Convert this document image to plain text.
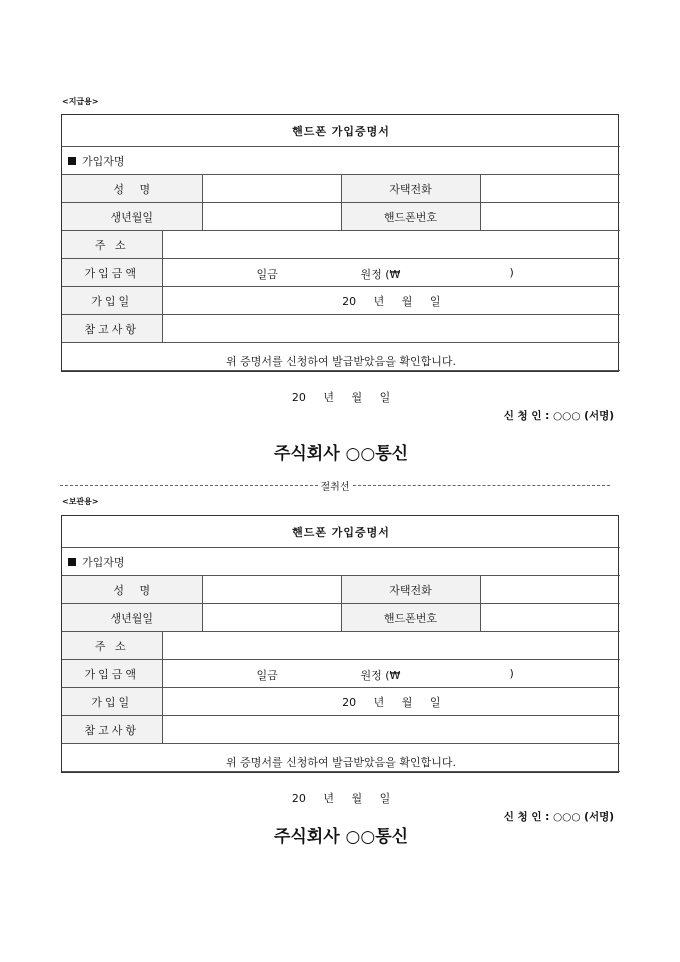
<지급용>
핸드폰 가입증명서				
가입자명				
성 명			자택전화	
생년월일			핸드폰번호	
주 소				
가입금액	일금 원정 (₩ )			

가입일	20 년 월 일			
참고사항				

위 증명서를 신청하여 발급받았음을 확인합니다.
20 년 월 일
신 청 인 : ○○○ (서명)
주식회사 ○○통신				
절취선
<보관용>
핸드폰 가입증명서				
가입자명				
성 명			자택전화	
생년월일			핸드폰번호	
주 소				
가입금액	일금 원정 (₩ )			

가입일	20 년 월 일			
참고사항				

위 증명서를 신청하여 발급받았음을 확인합니다.
20 년 월 일
신 청 인 : ○○○ (서명)
주식회사 ○○통신				
